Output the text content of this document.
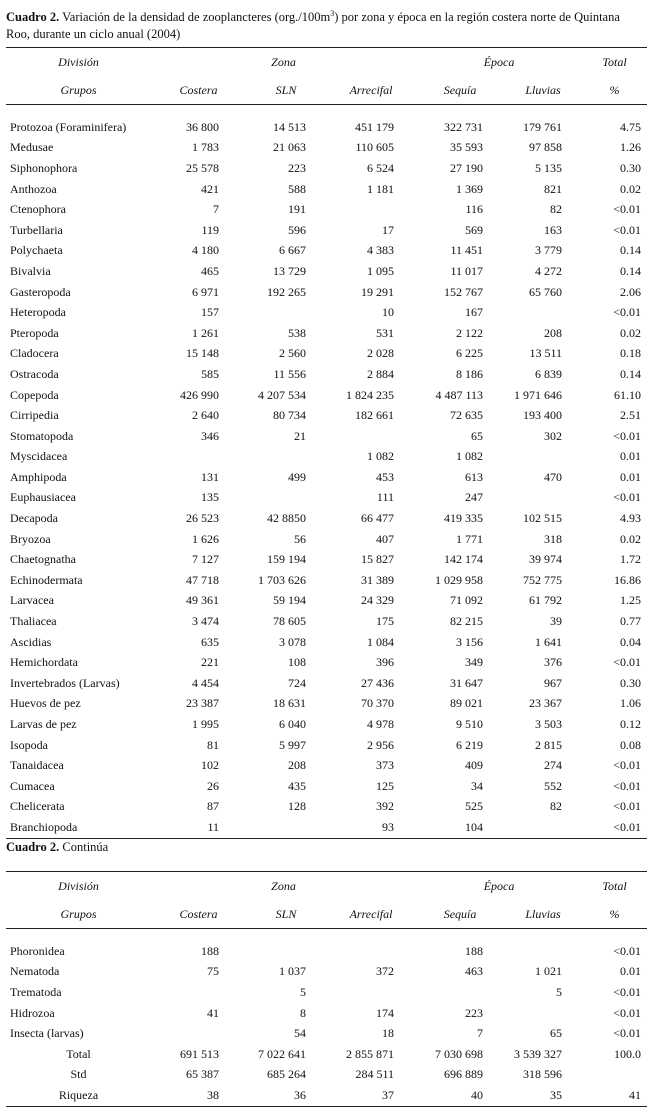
Cuadro 2. Variación de la densidad de zooplancteres $(org./100m^3)$ por zona y época en la región costera norte de Quintana Roo, durante un ciclo anual (2004)
División	Zona			Época		Total
Grupos	Costera	SLN	Arrecifal	Sequía	Lluvias	%

Protozoa (Foraminifera)	36 800	14 513	451 179	322 731	179 761	4.75
Medusae	1 783	21 063	110 605	35 593	97 858	1.26
Siphonophora	25 578	223	6 524	27 190	5 135	0.30
Anthozoa	421	588	1 181	1 369	821	0.02
Ctenophora	7	191		116	82	<0.01
Turbellaria	119	596	17	569	163	<0.01
Polychaeta	4 180	6 667	4 383	11 451	3 779	0.14
Bivalvia	465	13 729	1 095	11 017	4 272	0.14
Gasteropoda	6 971	192 265	19 291	152 767	65 760	2.06
Heteropoda	157		10	167		<0.01
Pteropoda	1 261	538	531	2 122	208	0.02
Cladocera	15 148	2 560	2 028	6 225	13 511	0.18
Ostracoda	585	11 556	2 884	8 186	6 839	0.14
Copepoda	426 990	4 207 534	1 824 235	4 487 113	1 971 646	61.10
Cirripedia	2 640	80 734	182 661	72 635	193 400	2.51
Stomatopoda	346	21		65	302	<0.01
Myscidacea			1 082	1 082		0.01
Amphipoda	131	499	453	613	470	0.01
Euphausiacea	135		111	247		<0.01
Decapoda	26 523	42 8850	66 477	419 335	102 515	4.93
Bryozoa	1 626	56	407	1 771	318	0.02
Chaetognatha	7 127	159 194	15 827	142 174	39 974	1.72
Echinodermata	47 718	1 703 626	31 389	1 029 958	752 775	16.86
Larvacea	49 361	59 194	24 329	71 092	61 792	1.25
Thaliacea	3 474	78 605	175	82 215	39	0.77
Ascidias	635	3 078	1 084	3 156	1 641	0.04
Hemichordata	221	108	396	349	376	<0.01
Invertebrados (Larvas)	4 454	724	27 436	31 647	967	0.30
Huevos de pez	23 387	18 631	70 370	89 021	23 367	1.06
Larvas de pez	1 995	6 040	4 978	9 510	3 503	0.12
Isopoda	81	5 997	2 956	6 219	2 815	0.08
Tanaidacea	102	208	373	409	274	<0.01
Cumacea	26	435	125	34	552	<0.01
Chelicerata	87	128	392	525	82	<0.01
Branchiopoda	11		93	104		<0.01
Cuadro 2. Continúa
División	Zona			Época		Total
Grupos	Costera	SLN	Arrecifal	Sequía	Lluvias	%

Phoronidea	188			188		<0.01
Nematoda	75	1 037	372	463	1 021	0.01
Trematoda		5			5	<0.01
Hidrozoa	41	8	174	223		<0.01
Insecta (larvas)		54	18	7	65	<0.01
Total	691 513	7 022 641	2 855 871	7 030 698	3 539 327	100.0
Std	65 387	685 264	284 511	696 889	318 596	
Riqueza	38	36	37	40	35	41
